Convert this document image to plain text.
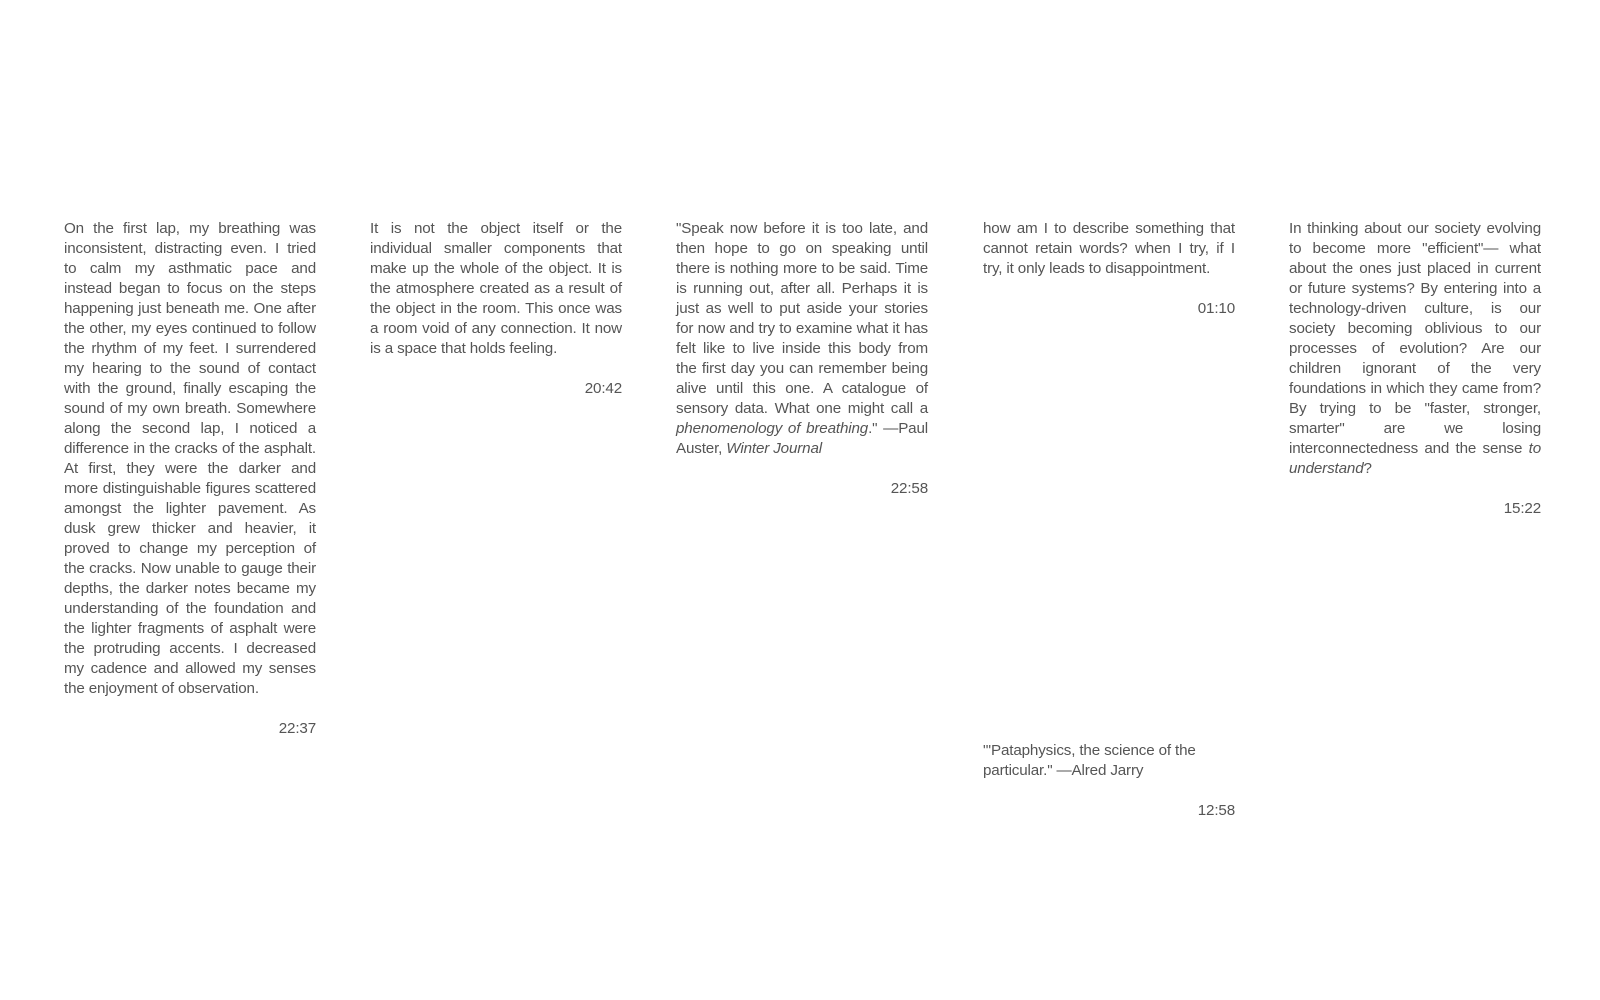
On the first lap, my breathing was inconsistent, distracting even. I tried to calm my asthmatic pace and instead began to focus on the steps happening just beneath me. One after the other, my eyes continued to follow the rhythm of my feet. I surrendered my hearing to the sound of contact with the ground, finally escaping the sound of my own breath. Somewhere along the second lap, I noticed a difference in the cracks of the asphalt. At first, they were the darker and more distinguishable figures scattered amongst the lighter pavement. As dusk grew thicker and heavier, it proved to change my perception of the cracks. Now unable to gauge their depths, the darker notes became my understanding of the foundation and the lighter fragments of asphalt were the protruding accents. I decreased my cadence and allowed my senses the enjoyment of observation.

22:37

It is not the object itself or the individual smaller components that make up the whole of the object. It is the atmosphere created as a result of the object in the room. This once was a room void of any connection. It now is a space that holds feeling.

20:42

"Speak now before it is too late, and then hope to go on speaking until there is nothing more to be said. Time is running out, after all. Perhaps it is just as well to put aside your stories for now and try to examine what it has felt like to live inside this body from the first day you can remember being alive until this one. A catalogue of sensory data. What one might call a phenomenology of breathing." —Paul Auster, Winter Journal

22:58

how am I to describe something that cannot retain words? when I try, if I try, it only leads to disappointment.

01:10

"'Pataphysics, the science of the particular." —Alred Jarry

12:58

In thinking about our society evolving to become more "efficient"— what about the ones just placed in current or future systems? By entering into a technology-driven culture, is our society becoming oblivious to our processes of evolution? Are our children ignorant of the very foundations in which they came from? By trying to be "faster, stronger, smarter" are we losing interconnectedness and the sense to understand?

15:22
